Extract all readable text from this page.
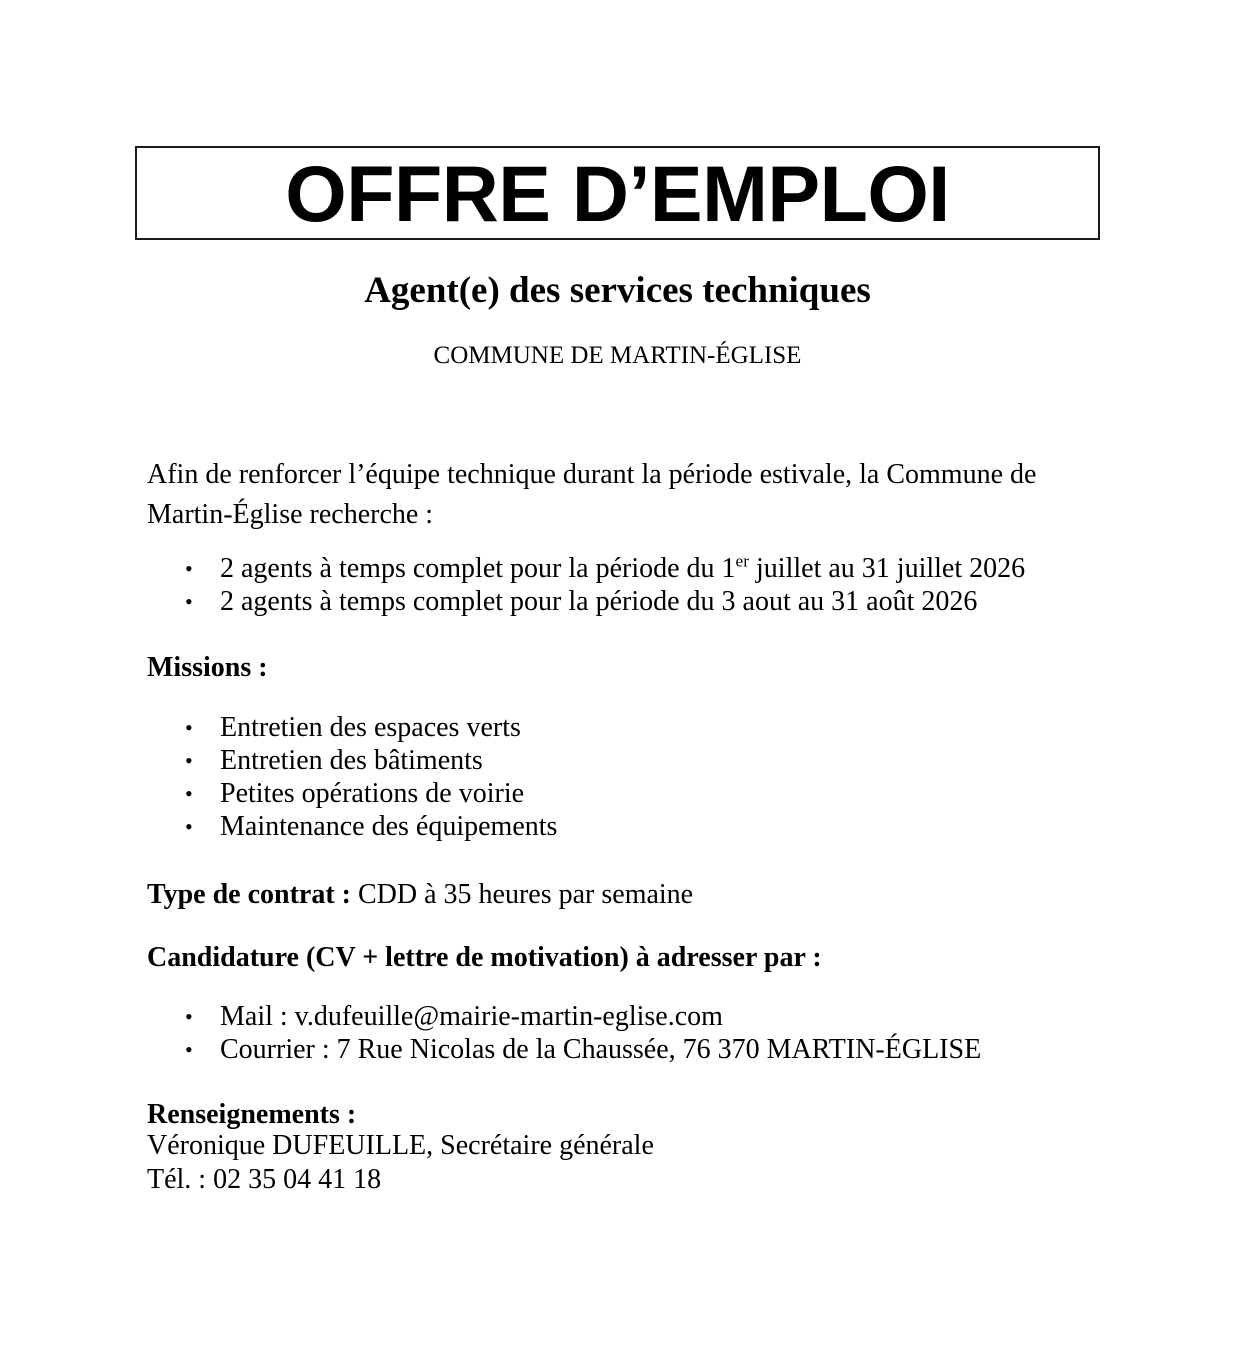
OFFRE D’EMPLOI
Agent(e) des services techniques
COMMUNE DE MARTIN-ÉGLISE
Afin de renforcer l’équipe technique durant la période estivale, la Commune de Martin-Église recherche :
• 2 agents à temps complet pour la période du 1er juillet au 31 juillet 2026
• 2 agents à temps complet pour la période du 3 aout au 31 août 2026
Missions :
• Entretien des espaces verts
• Entretien des bâtiments
• Petites opérations de voirie
• Maintenance des équipements
Type de contrat : CDD à 35 heures par semaine
Candidature (CV + lettre de motivation) à adresser par :
• Mail : v.dufeuille@mairie-martin-eglise.com
• Courrier : 7 Rue Nicolas de la Chaussée, 76 370 MARTIN-ÉGLISE
Renseignements :
Véronique DUFEUILLE, Secrétaire générale
Tél. : 02 35 04 41 18
